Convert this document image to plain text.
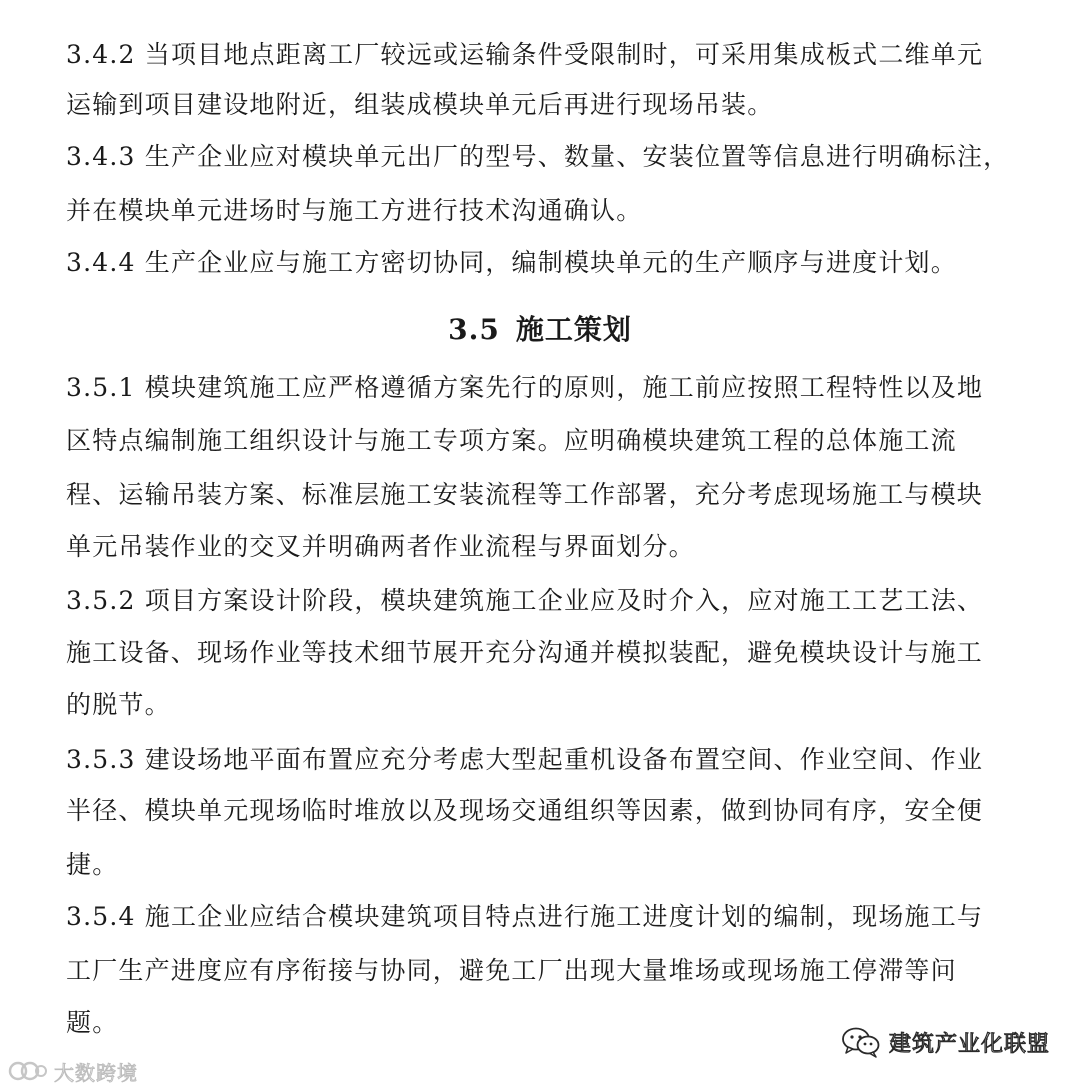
3.4.2 当项目地点距离工厂较远或运输条件受限制时，可采用集成板式二维单元
运输到项目建设地附近，组装成模块单元后再进行现场吊装。
3.4.3 生产企业应对模块单元出厂的型号、数量、安装位置等信息进行明确标注，
并在模块单元进场时与施工方进行技术沟通确认。
3.4.4 生产企业应与施工方密切协同，编制模块单元的生产顺序与进度计划。
3.5 施工策划
3.5.1 模块建筑施工应严格遵循方案先行的原则，施工前应按照工程特性以及地
区特点编制施工组织设计与施工专项方案。应明确模块建筑工程的总体施工流
程、运输吊装方案、标准层施工安装流程等工作部署，充分考虑现场施工与模块
单元吊装作业的交叉并明确两者作业流程与界面划分。
3.5.2 项目方案设计阶段，模块建筑施工企业应及时介入，应对施工工艺工法、
施工设备、现场作业等技术细节展开充分沟通并模拟装配，避免模块设计与施工
的脱节。
3.5.3 建设场地平面布置应充分考虑大型起重机设备布置空间、作业空间、作业
半径、模块单元现场临时堆放以及现场交通组织等因素，做到协同有序，安全便
捷。
3.5.4 施工企业应结合模块建筑项目特点进行施工进度计划的编制，现场施工与
工厂生产进度应有序衔接与协同，避免工厂出现大量堆场或现场施工停滞等问
题。
大数跨境
建筑产业化联盟
